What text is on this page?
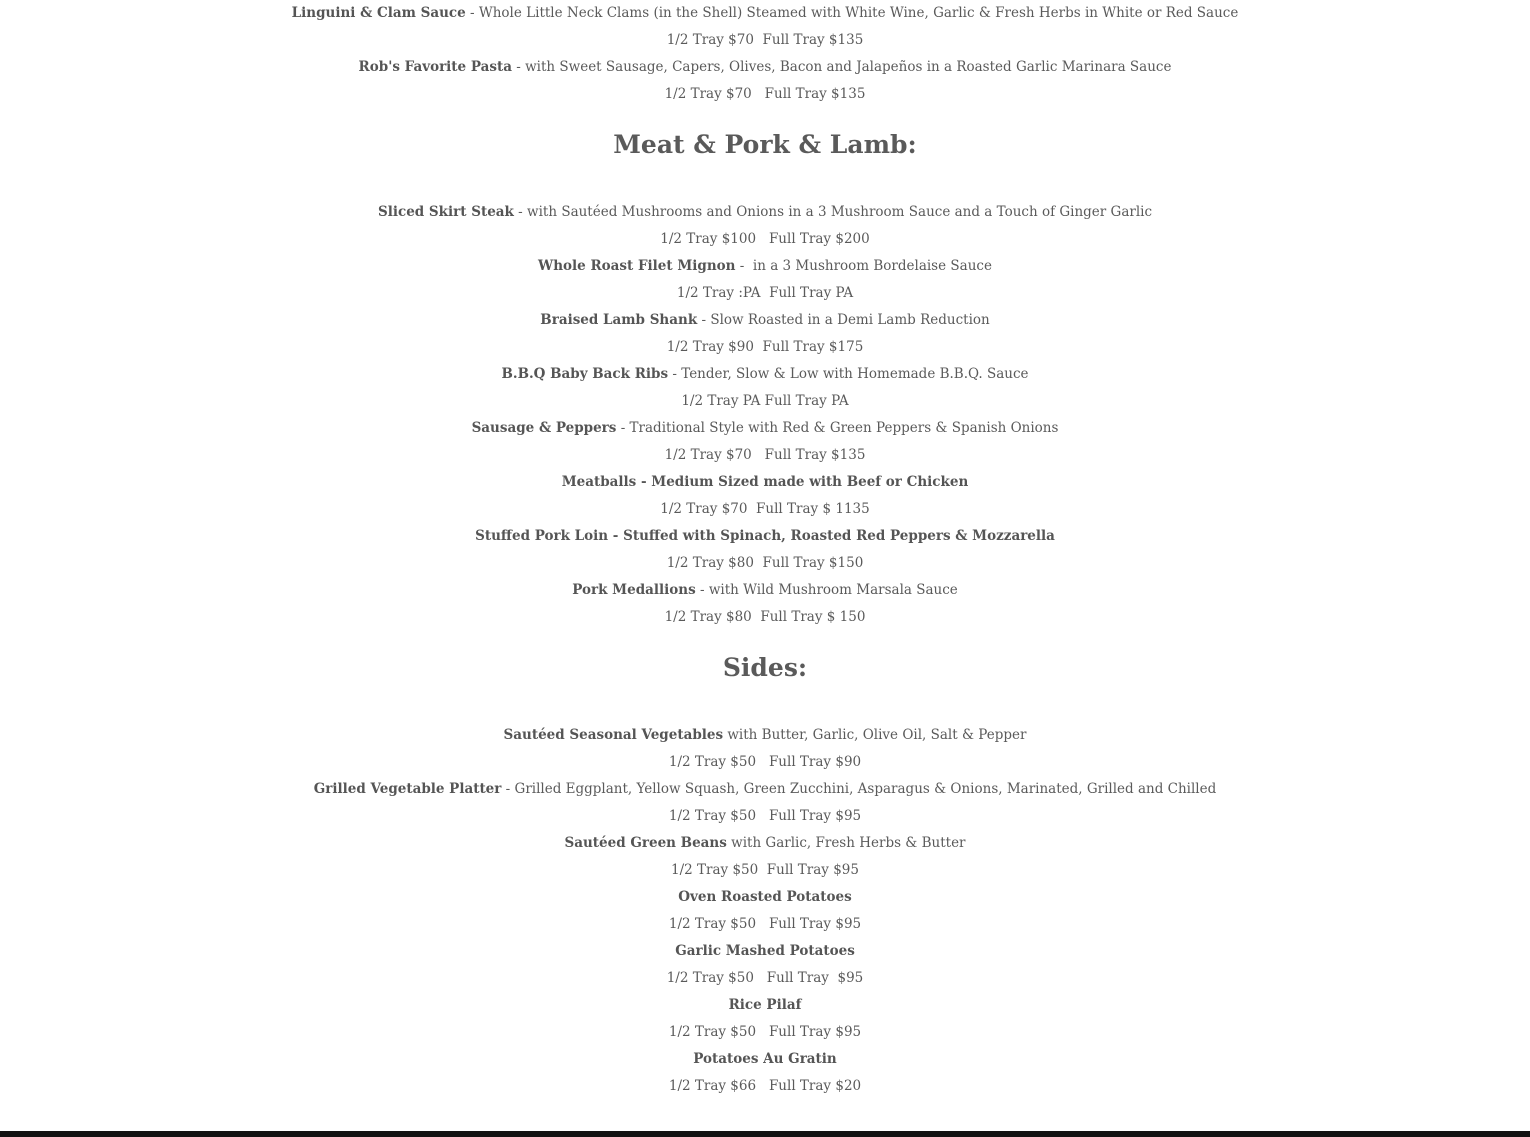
Linguini & Clam Sauce - Whole Little Neck Clams (in the Shell) Steamed with White Wine, Garlic & Fresh Herbs in White or Red Sauce

1/2 Tray $70  Full Tray $135

Rob's Favorite Pasta - with Sweet Sausage, Capers, Olives, Bacon and Jalapeños in a Roasted Garlic Marinara Sauce

1/2 Tray $70   Full Tray $135

Meat & Pork & Lamb:

Sliced Skirt Steak - with Sautéed Mushrooms and Onions in a 3 Mushroom Sauce and a Touch of Ginger Garlic

1/2 Tray $100   Full Tray $200

Whole Roast Filet Mignon -  in a 3 Mushroom Bordelaise Sauce

1/2 Tray :PA  Full Tray PA

Braised Lamb Shank - Slow Roasted in a Demi Lamb Reduction

1/2 Tray $90  Full Tray $175

B.B.Q Baby Back Ribs - Tender, Slow & Low with Homemade B.B.Q. Sauce

1/2 Tray PA Full Tray PA

Sausage & Peppers - Traditional Style with Red & Green Peppers & Spanish Onions

1/2 Tray $70   Full Tray $135

Meatballs - Medium Sized made with Beef or Chicken

1/2 Tray $70  Full Tray $ 1135

Stuffed Pork Loin - Stuffed with Spinach, Roasted Red Peppers & Mozzarella

1/2 Tray $80  Full Tray $150

Pork Medallions - with Wild Mushroom Marsala Sauce

1/2 Tray $80  Full Tray $ 150

Sides:

Sautéed Seasonal Vegetables with Butter, Garlic, Olive Oil, Salt & Pepper

1/2 Tray $50   Full Tray $90

Grilled Vegetable Platter - Grilled Eggplant, Yellow Squash, Green Zucchini, Asparagus & Onions, Marinated, Grilled and Chilled

1/2 Tray $50   Full Tray $95

Sautéed Green Beans with Garlic, Fresh Herbs & Butter

1/2 Tray $50  Full Tray $95

Oven Roasted Potatoes

1/2 Tray $50   Full Tray $95

Garlic Mashed Potatoes

1/2 Tray $50   Full Tray  $95

Rice Pilaf

1/2 Tray $50   Full Tray $95

Potatoes Au Gratin

1/2 Tray $66   Full Tray $20
